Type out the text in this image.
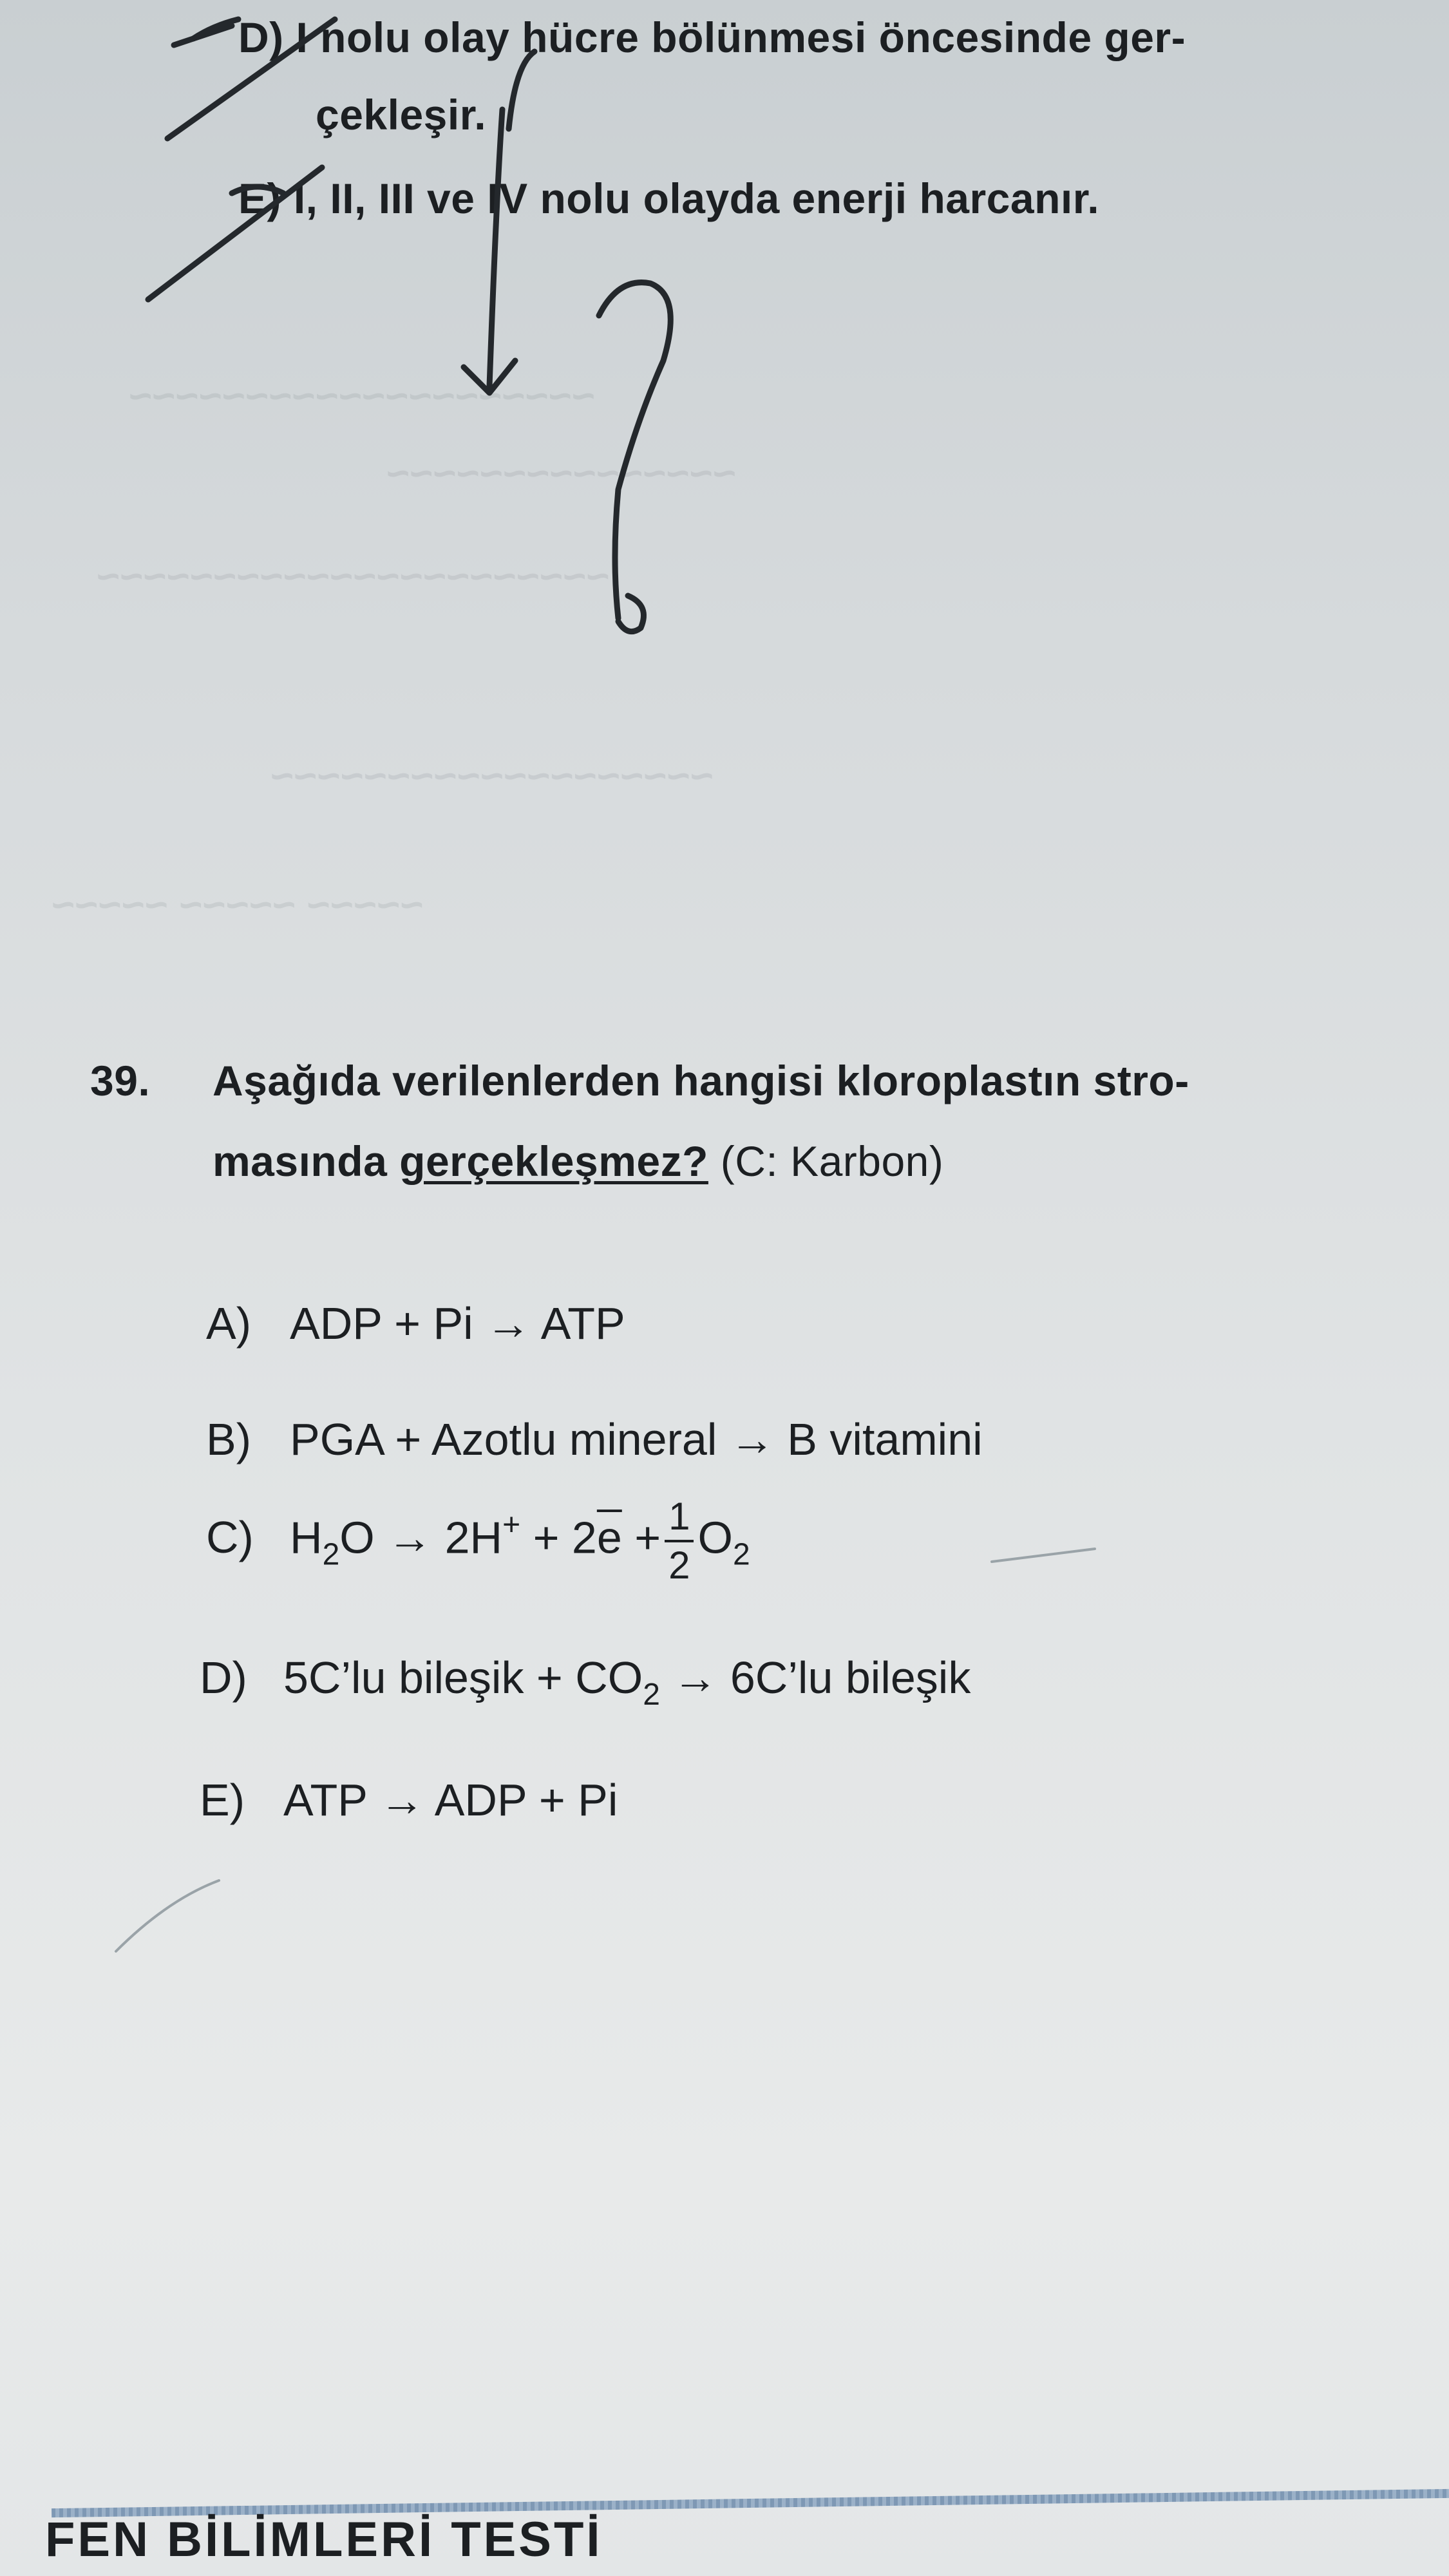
~~~~~~~~~~~~~~~~~~~~
~~~~~~~~~~~~~~~
~~~~~~~~~~~~~~~~~~~~~~
~~~~~~~~~~~~~~~~~~~
~~~~~ ~~~~~ ~~~~~
D) I nolu olay hücre bölünmesi öncesinde ger-
çekleşir.
E) I, II, III ve IV nolu olayda enerji harcanır.
39. Aşağıda verilenlerden hangisi kloroplastın stro-
masında gerçekleşmez? (C: Karbon)
A) ADP + Pi → ATP
B) PGA + Azotlu mineral → B vitamini
C) $H_2O \to 2H^+ + 2\overline{e} + \frac{1}{2} O_2$
D) 5C’lu bileşik + $CO_2$ → 6C’lu bileşik
E) ATP → ADP + Pi
FEN BİLİMLERİ TESTİ
